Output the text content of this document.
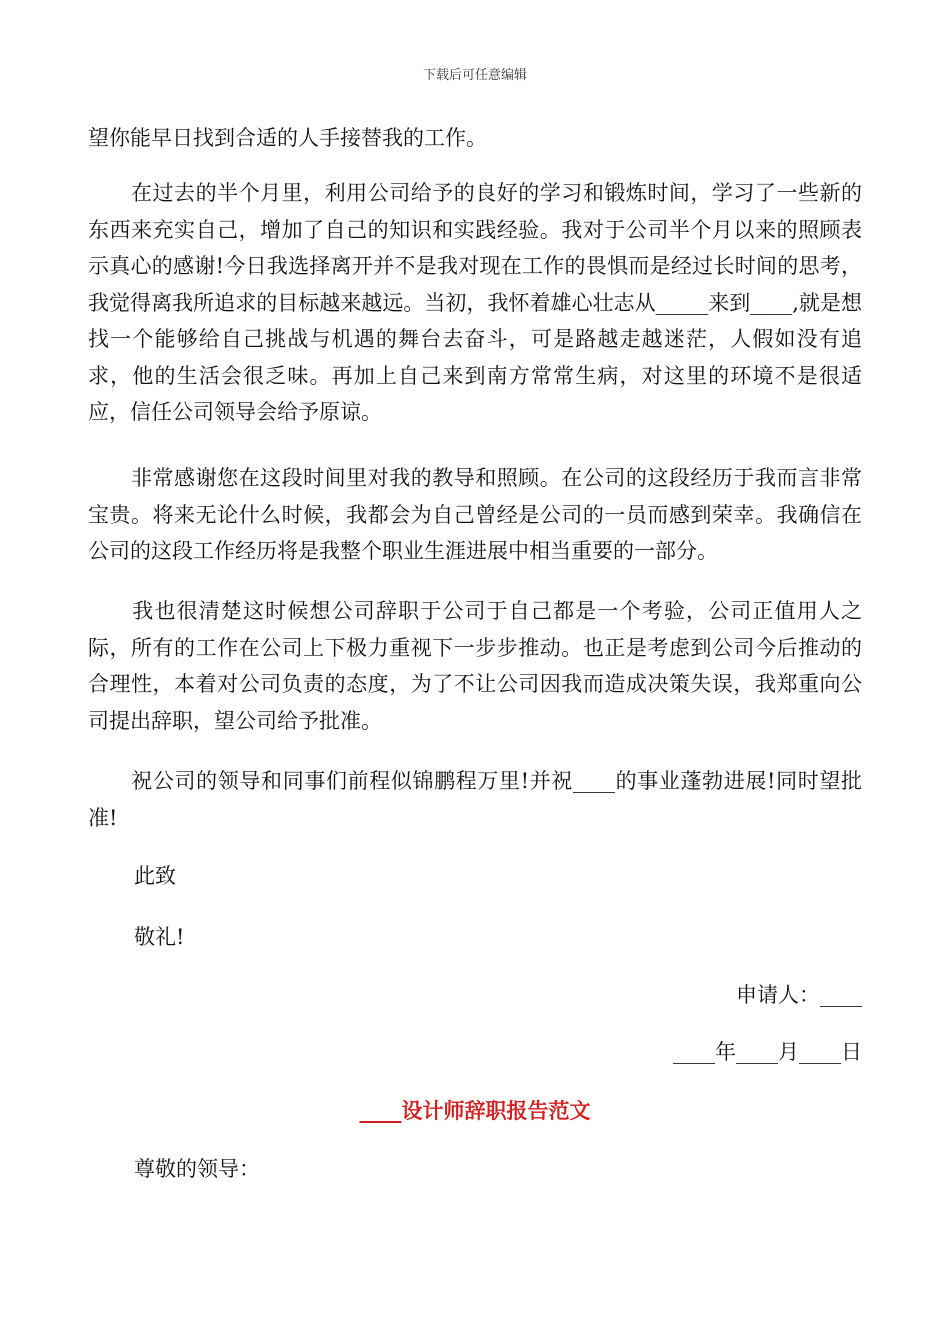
下载后可任意编辑

望你能早日找到合适的人手接替我的工作。

　　在过去的半个月里，利用公司给予的良好的学习和锻炼时间，学习了一些新的东西来充实自己，增加了自己的知识和实践经验。我对于公司半个月以来的照顾表示真心的感谢!今日我选择离开并不是我对现在工作的畏惧而是经过长时间的思考，我觉得离我所追求的目标越来越远。当初，我怀着雄心壮志从_____来到____,就是想找一个能够给自己挑战与机遇的舞台去奋斗，可是路越走越迷茫，人假如没有追求，他的生活会很乏味。再加上自己来到南方常常生病，对这里的环境不是很适应，信任公司领导会给予原谅。

　　非常感谢您在这段时间里对我的教导和照顾。在公司的这段经历于我而言非常宝贵。将来无论什么时候，我都会为自己曾经是公司的一员而感到荣幸。我确信在公司的这段工作经历将是我整个职业生涯进展中相当重要的一部分。

　　我也很清楚这时候想公司辞职于公司于自己都是一个考验，公司正值用人之际，所有的工作在公司上下极力重视下一步步推动。也正是考虑到公司今后推动的合理性，本着对公司负责的态度，为了不让公司因我而造成决策失误，我郑重向公司提出辞职，望公司给予批准。

　　祝公司的领导和同事们前程似锦鹏程万里!并祝____的事业蓬勃进展!同时望批准!

此致

敬礼!

申请人：____

____年____月____日

____设计师辞职报告范文

尊敬的领导：
